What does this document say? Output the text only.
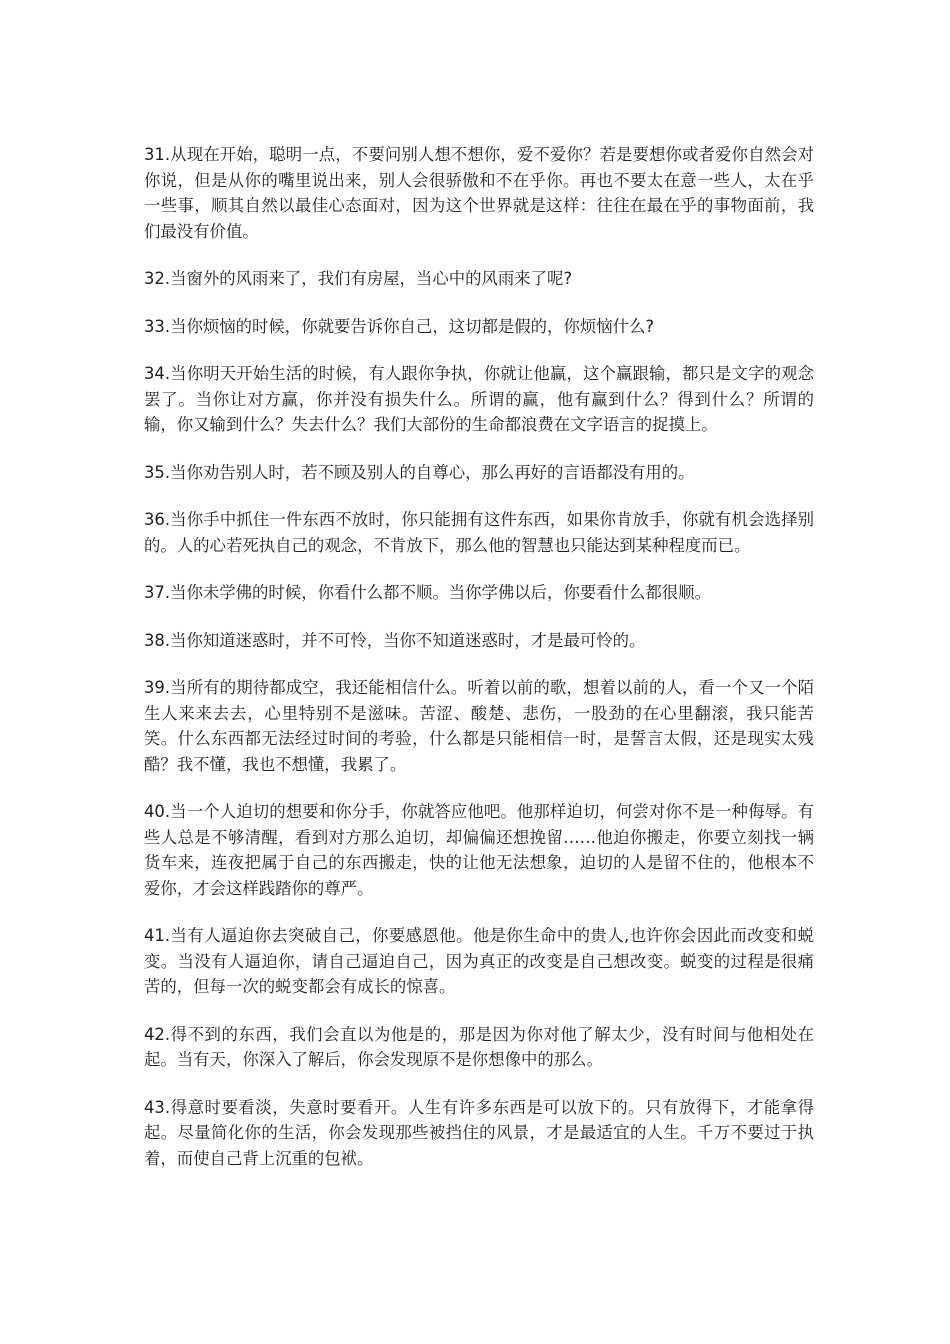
31.从现在开始，聪明一点，不要问别人想不想你，爱不爱你？若是要想你或者爱你自然会对你说，但是从你的嘴里说出来，别人会很骄傲和不在乎你。再也不要太在意一些人，太在乎一些事，顺其自然以最佳心态面对，因为这个世界就是这样：往往在最在乎的事物面前，我们最没有价值。

32.当窗外的风雨来了，我们有房屋，当心中的风雨来了呢?

33.当你烦恼的时候，你就要告诉你自己，这切都是假的，你烦恼什么?

34.当你明天开始生活的时候，有人跟你争执，你就让他赢，这个赢跟输，都只是文字的观念罢了。当你让对方赢，你并没有损失什么。所谓的赢，他有赢到什么？得到什么？所谓的输，你又输到什么？失去什么？我们大部份的生命都浪费在文字语言的捉摸上。

35.当你劝告别人时，若不顾及别人的自尊心，那么再好的言语都没有用的。

36.当你手中抓住一件东西不放时，你只能拥有这件东西，如果你肯放手，你就有机会选择别的。人的心若死执自己的观念，不肯放下，那么他的智慧也只能达到某种程度而已。

37.当你未学佛的时候，你看什么都不顺。当你学佛以后，你要看什么都很顺。

38.当你知道迷惑时，并不可怜，当你不知道迷惑时，才是最可怜的。

39.当所有的期待都成空，我还能相信什么。听着以前的歌，想着以前的人，看一个又一个陌生人来来去去，心里特别不是滋味。苦涩、酸楚、悲伤，一股劲的在心里翻滚，我只能苦笑。什么东西都无法经过时间的考验，什么都是只能相信一时，是誓言太假，还是现实太残酷？我不懂，我也不想懂，我累了。

40.当一个人迫切的想要和你分手，你就答应他吧。他那样迫切，何尝对你不是一种侮辱。有些人总是不够清醒，看到对方那么迫切，却偏偏还想挽留……他迫你搬走，你要立刻找一辆货车来，连夜把属于自己的东西搬走，快的让他无法想象，迫切的人是留不住的，他根本不爱你，才会这样践踏你的尊严。

41.当有人逼迫你去突破自己，你要感恩他。他是你生命中的贵人,也许你会因此而改变和蜕变。当没有人逼迫你，请自己逼迫自己，因为真正的改变是自己想改变。蜕变的过程是很痛苦的，但每一次的蜕变都会有成长的惊喜。

42.得不到的东西，我们会直以为他是的，那是因为你对他了解太少，没有时间与他相处在起。当有天，你深入了解后，你会发现原不是你想像中的那么。

43.得意时要看淡，失意时要看开。人生有许多东西是可以放下的。只有放得下，才能拿得起。尽量简化你的生活，你会发现那些被挡住的风景，才是最适宜的人生。千万不要过于执着，而使自己背上沉重的包袱。
